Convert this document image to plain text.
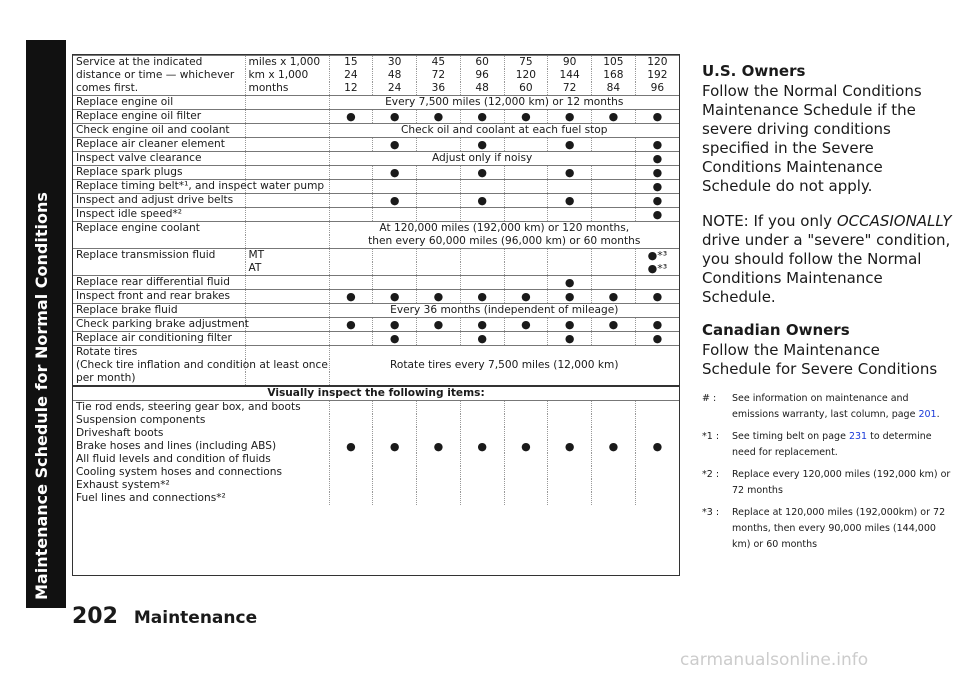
Maintenance Schedule for Normal Conditions
Service at the indicated	miles x 1,000	15	30	45	60	75	90	105	120
distance or time — whichever	km x 1,000	24	48	72	96	120	144	168	192
comes first.	months	12	24	36	48	60	72	84	96
Replace engine oil		Every 7,500 miles (12,000 km) or 12 months							
Replace engine oil filter		●	●	●	●	●	●	●	●
Check engine oil and coolant		Check oil and coolant at each fuel stop							
Replace air cleaner element			●		●		●		●
Inspect valve clearance		Adjust only if noisy							●
Replace spark plugs			●		●		●		●
Replace timing belt*¹, and inspect water pump									●
Inspect and adjust drive belts			●		●		●		●
Inspect idle speed*²									●
Replace engine coolant		At 120,000 miles (192,000 km) or 120 months,							
		then every 60,000 miles (96,000 km) or 60 months							
Replace transmission fluid	MT								●*³
	AT								●*³
Replace rear differential fluid							●		
Inspect front and rear brakes		●	●	●	●	●	●	●	●
Replace brake fluid		Every 36 months (independent of mileage)							
Check parking brake adjustment		●	●	●	●	●	●	●	●
Replace air conditioning filter			●		●		●		●
Rotate tires									
(Check tire inflation and condition at least once		Rotate tires every 7,500 miles (12,000 km)							
per month)									
Visually inspect the following items:									
Tie rod ends, steering gear box, and boots									
Suspension components									
Driveshaft boots									
Brake hoses and lines (including ABS)		●	●	●	●	●	●	●	●
All fluid levels and condition of fluids									
Cooling system hoses and connections									
Exhaust system*²									
Fuel lines and connections*²									
U.S. Owners
Follow the Normal Conditions Maintenance Schedule if the severe driving conditions specified in the Severe Conditions Maintenance Schedule do not apply.
NOTE: If you only OCCASIONALLY drive under a "severe" condition, you should follow the Normal Conditions Maintenance Schedule.
Canadian Owners
Follow the Maintenance Schedule for Severe Conditions
# :	See information on maintenance and emissions warranty, last column, page 201.
*1 :	See timing belt on page 231 to determine need for replacement.
*2 :	Replace every 120,000 miles (192,000 km) or 72 months
*3 :	Replace at 120,000 miles (192,000km) or 72 months, then every 90,000 miles (144,000 km) or 60 months
202 Maintenance
carmanualsonline.info
